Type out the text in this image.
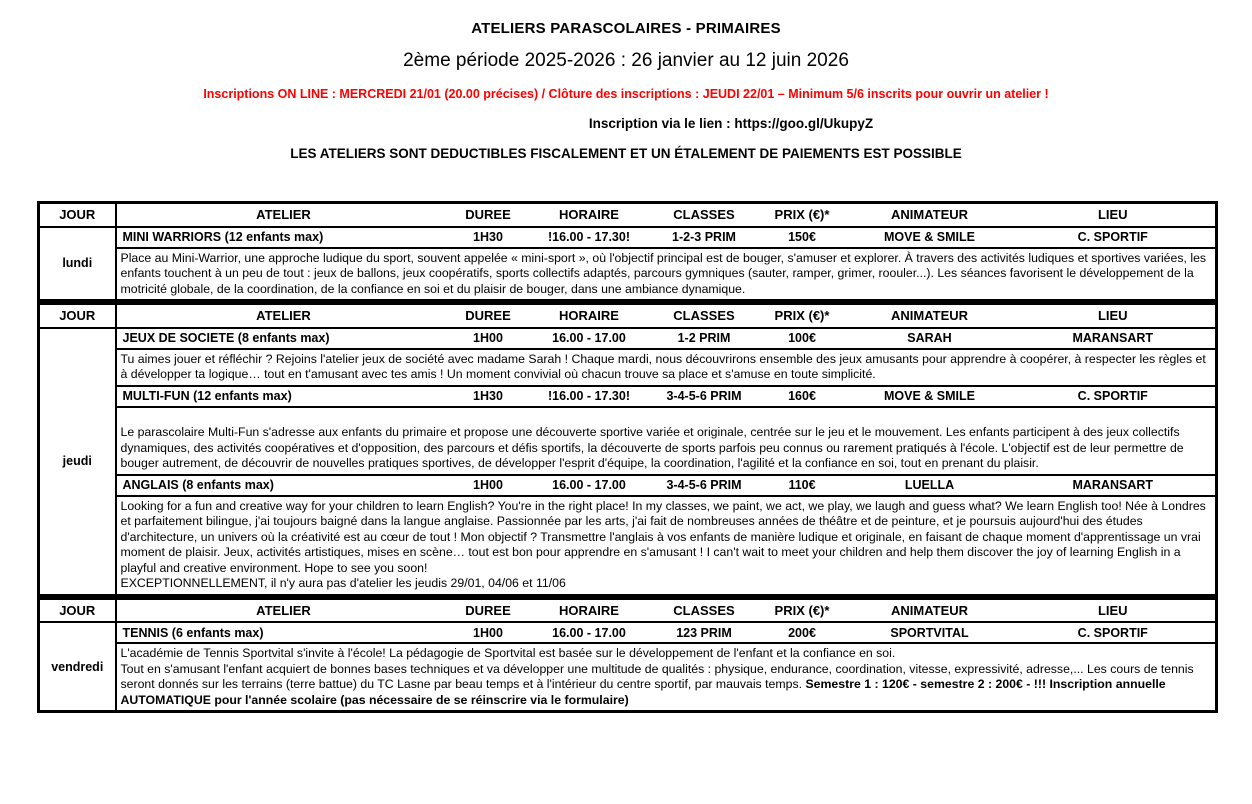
ATELIERS PARASCOLAIRES - PRIMAIRES
2ème période 2025-2026 : 26 janvier au 12 juin 2026
Inscriptions ON LINE : MERCREDI 21/01 (20.00 précises) / Clôture des inscriptions : JEUDI 22/01 – Minimum 5/6 inscrits pour ouvrir un atelier !
Inscription via le lien : https://goo.gl/UkupyZ
LES ATELIERS SONT DEDUCTIBLES FISCALEMENT ET UN ÉTALEMENT DE PAIEMENTS EST POSSIBLE
JOUR	ATELIER	DUREE	HORAIRE	CLASSES	PRIX (€)*	ANIMATEUR	LIEU
lundi	MINI WARRIORS (12 enfants max)	1H30	!16.00 - 17.30!	1-2-3 PRIM	150€	MOVE & SMILE	C. SPORTIF

	Place au Mini-Warrior, une approche ludique du sport, souvent appelée « mini-sport », où l'objectif principal est de bouger, s'amuser et explorer. À travers des activités ludiques et sportives variées, les enfants touchent à un peu de tout : jeux de ballons, jeux coopératifs, sports collectifs adaptés, parcours gymniques (sauter, ramper, grimer, roouler...). Les séances favorisent le développement de la motricité globale, de la coordination, de la confiance en soi et du plaisir de bouger, dans une ambiance dynamique.						
JOUR	ATELIER	DUREE	HORAIRE	CLASSES	PRIX (€)*	ANIMATEUR	LIEU
jeudi	JEUX DE SOCIETE (8 enfants max)	1H00	16.00 - 17.00	1-2 PRIM	100€	SARAH	MARANSART

	Tu aimes jouer et réfléchir ? Rejoins l'atelier jeux de société avec madame Sarah ! Chaque mardi, nous découvrirons ensemble des jeux amusants pour apprendre à coopérer, à respecter les règles et à développer ta logique… tout en t'amusant avec tes amis ! Un moment convivial où chacun trouve sa place et s'amuse en toute simplicité.						

	MULTI-FUN (12 enfants max)	1H30	!16.00 - 17.30!	3-4-5-6 PRIM	160€	MOVE & SMILE	C. SPORTIF

	Le parascolaire Multi-Fun s'adresse aux enfants du primaire et propose une découverte sportive variée et originale, centrée sur le jeu et le mouvement. Les enfants participent à des jeux collectifs dynamiques, des activités coopératives et d'opposition, des parcours et défis sportifs, la découverte de sports parfois peu connus ou rarement pratiqués à l'école. L'objectif est de leur permettre de bouger autrement, de découvrir de nouvelles pratiques sportives, de développer l'esprit d'équipe, la coordination, l'agilité et la confiance en soi, tout en prenant du plaisir.						

	ANGLAIS (8 enfants max)	1H00	16.00 - 17.00	3-4-5-6 PRIM	110€	LUELLA	MARANSART

	Looking for a fun and creative way for your children to learn English? You're in the right place! In my classes, we paint, we act, we play, we laugh and guess what? We learn English too! Née à Londres et parfaitement bilingue, j'ai toujours baigné dans la langue anglaise. Passionnée par les arts, j'ai fait de nombreuses années de théâtre et de peinture, et je poursuis aujourd'hui des études d'architecture, un univers où la créativité est au cœur de tout ! Mon objectif ? Transmettre l'anglais à vos enfants de manière ludique et originale, en faisant de chaque moment d'apprentissage un vrai moment de plaisir. Jeux, activités artistiques, mises en scène… tout est bon pour apprendre en s'amusant ! I can't wait to meet your children and help them discover the joy of learning English in a playful and creative environment. Hope to see you soon!
EXCEPTIONNELLEMENT, il n'y aura pas d'atelier les jeudis 29/01, 04/06 et 11/06						
JOUR	ATELIER	DUREE	HORAIRE	CLASSES	PRIX (€)*	ANIMATEUR	LIEU
vendredi	TENNIS (6 enfants max)	1H00	16.00 - 17.00	123 PRIM	200€	SPORTVITAL	C. SPORTIF

	L'académie de Tennis Sportvital s'invite à l'école! La pédagogie de Sportvital est basée sur le développement de l'enfant et la confiance en soi.
Tout en s'amusant l'enfant acquiert de bonnes bases techniques et va développer une multitude de qualités : physique, endurance, coordination, vitesse, expressivité, adresse,... Les cours de tennis seront donnés sur les terrains (terre battue) du TC Lasne par beau temps et à l'intérieur du centre sportif, par mauvais temps. Semestre 1 : 120€ - semestre 2 : 200€ - !!! Inscription annuelle AUTOMATIQUE pour l'année scolaire (pas nécessaire de se réinscrire via le formulaire)						
